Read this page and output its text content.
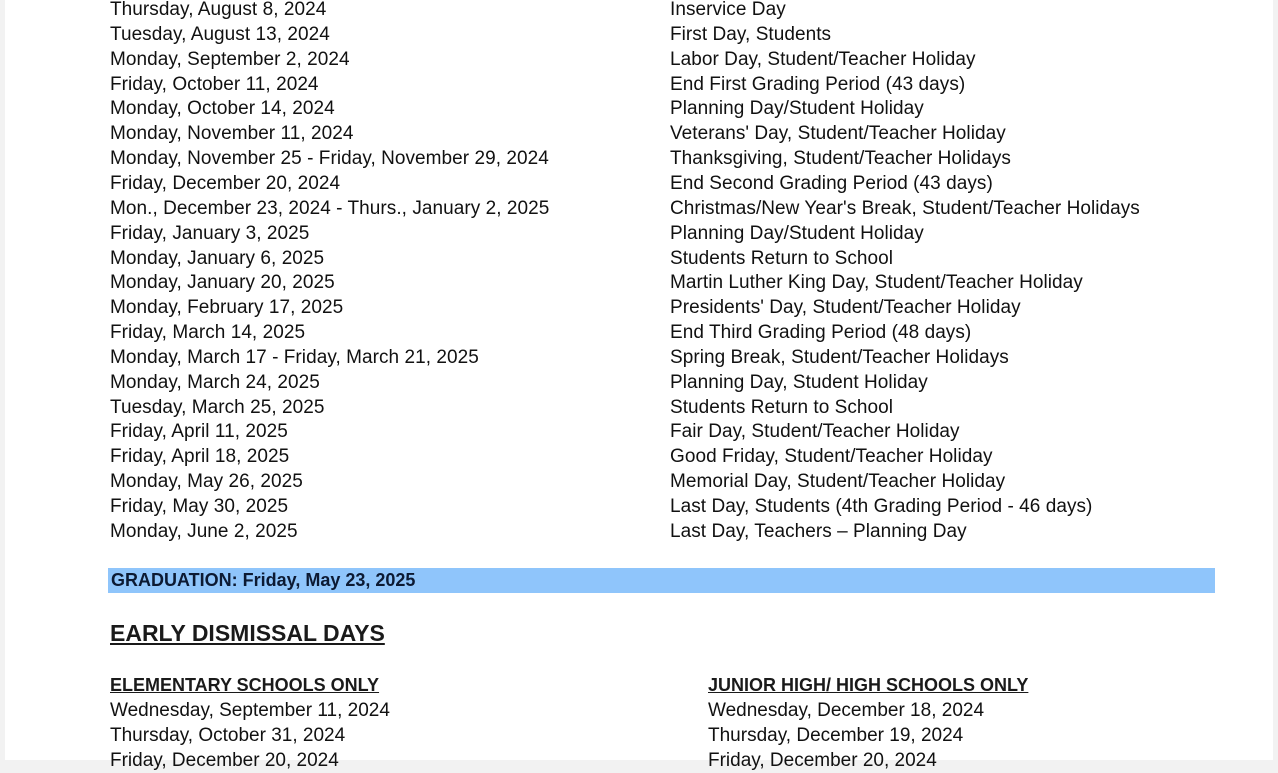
Thursday, August 8, 2024	Inservice Day
Tuesday, August 13, 2024	First Day, Students
Monday, September 2, 2024	Labor Day, Student/Teacher Holiday
Friday, October 11, 2024	End First Grading Period (43 days)
Monday, October 14, 2024	Planning Day/Student Holiday
Monday, November 11, 2024	Veterans' Day, Student/Teacher Holiday
Monday, November 25 - Friday, November 29, 2024	Thanksgiving, Student/Teacher Holidays
Friday, December 20, 2024	End Second Grading Period (43 days)
Mon., December 23, 2024 - Thurs., January 2, 2025	Christmas/New Year's Break, Student/Teacher Holidays
Friday, January 3, 2025	Planning Day/Student Holiday
Monday, January 6, 2025	Students Return to School
Monday, January 20, 2025	Martin Luther King Day, Student/Teacher Holiday
Monday, February 17, 2025	Presidents' Day, Student/Teacher Holiday
Friday, March 14, 2025	End Third Grading Period (48 days)
Monday, March 17 - Friday, March 21, 2025	Spring Break, Student/Teacher Holidays
Monday, March 24, 2025	Planning Day, Student Holiday
Tuesday, March 25, 2025	Students Return to School
Friday, April 11, 2025	Fair Day, Student/Teacher Holiday
Friday, April 18, 2025	Good Friday, Student/Teacher Holiday
Monday, May 26, 2025	Memorial Day, Student/Teacher Holiday
Friday, May 30, 2025	Last Day, Students (4th Grading Period - 46 days)
Monday, June 2, 2025	Last Day, Teachers – Planning Day
GRADUATION: Friday, May 23, 2025
EARLY DISMISSAL DAYS
ELEMENTARY SCHOOLS ONLY
Wednesday, September 11, 2024
Thursday, October 31, 2024
Friday, December 20, 2024
JUNIOR HIGH/ HIGH SCHOOLS ONLY
Wednesday, December 18, 2024
Thursday, December 19, 2024
Friday, December 20, 2024
